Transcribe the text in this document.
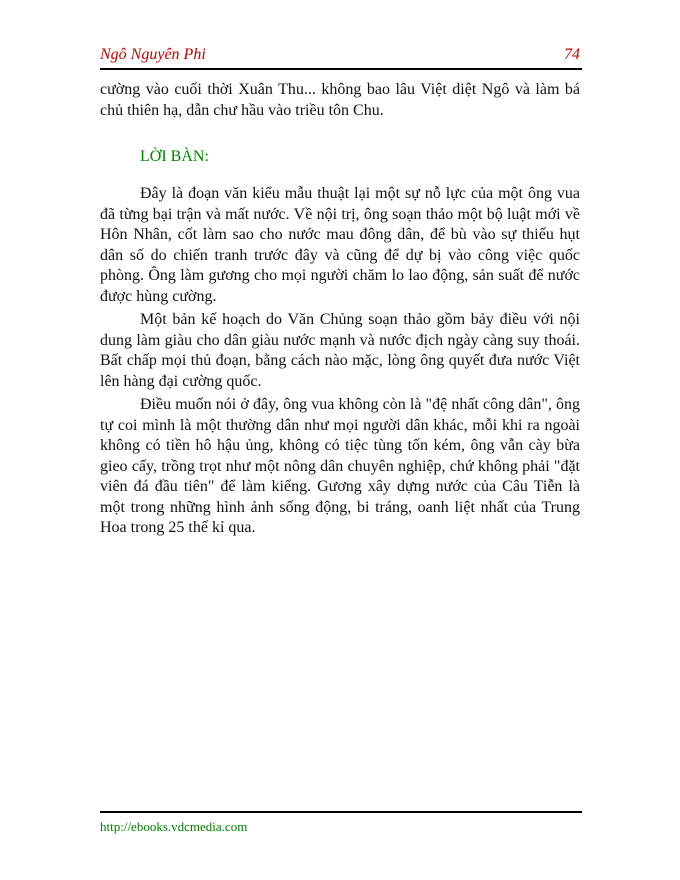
Ngô Nguyên Phi	74

cường vào cuối thời Xuân Thu... không bao lâu Việt diệt Ngô và làm bá chủ thiên hạ, dẫn chư hầu vào triều tôn Chu.

LỜI BÀN:

Đây là đoạn văn kiểu mẫu thuật lại một sự nỗ lực của một ông vua đã từng bại trận và mất nước. Về nội trị, ông soạn thảo một bộ luật mới về Hôn Nhân, cốt làm sao cho nước mau đông dân, để bù vào sự thiếu hụt dân số do chiến tranh trước đây và cũng để dự bị vào công việc quốc phòng. Ông làm gương cho mọi người chăm lo lao động, sản suất để nước được hùng cường.

Một bản kế hoạch do Văn Chủng soạn thảo gồm bảy điều với nội dung làm giàu cho dân giàu nước mạnh và nước địch ngày càng suy thoái. Bất chấp mọi thủ đoạn, bằng cách nào mặc, lòng ông quyết đưa nước Việt lên hàng đại cường quốc.

Điều muốn nói ở đây, ông vua không còn là "đệ nhất công dân", ông tự coi mình là một thường dân như mọi người dân khác, mỗi khi ra ngoài không có tiền hô hậu ủng, không có tiệc tùng tốn kém, ông vẫn cày bừa gieo cấy, trồng trọt như một nông dân chuyên nghiệp, chứ không phải "đặt viên đá đầu tiên" để làm kiểng. Gương xây dựng nước của Câu Tiễn là một trong những hình ảnh sống động, bi tráng, oanh liệt nhất của Trung Hoa trong 25 thế kỉ qua.

http://ebooks.vdcmedia.com
